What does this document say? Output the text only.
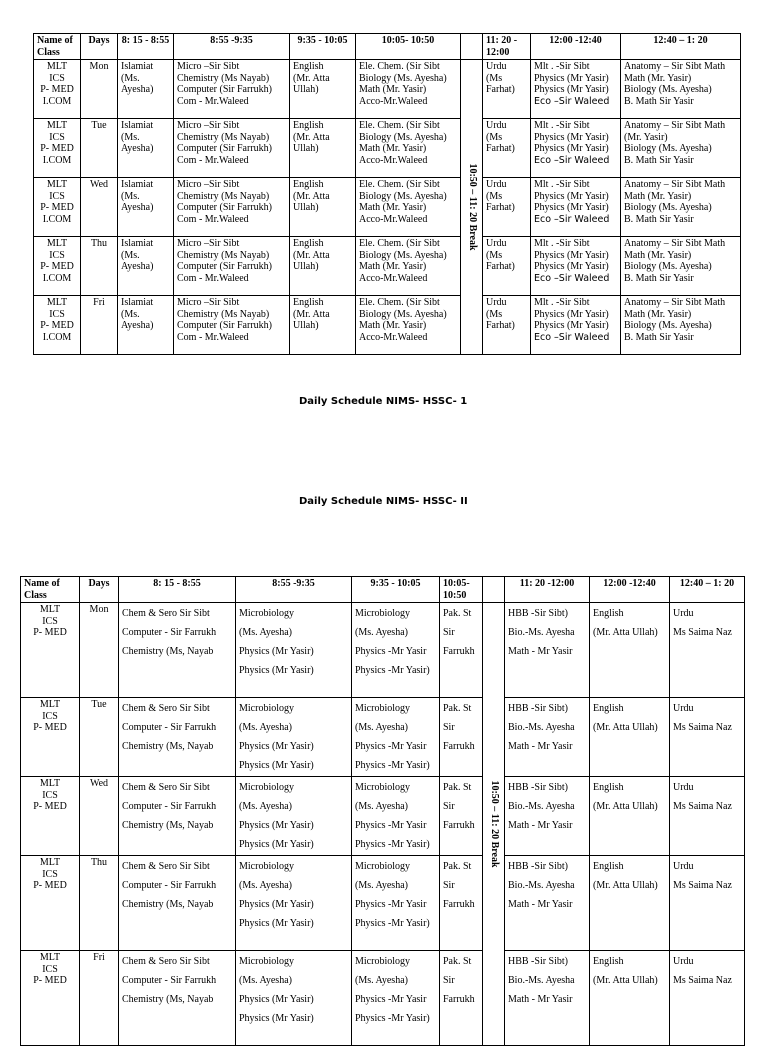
Name of Class	Days	8: 15 - 8:55	8:55 -9:35	9:35 - 10:05	10:05- 10:50		11: 20 - 12:00	12:00 -12:40	12:40 – 1: 20

MLT
ICS
P- MED
I.COM	Mon	Islamiat
(Ms.
Ayesha)	Micro –Sir Sibt
Chemistry (Ms Nayab)
Computer (Sir Farrukh)
Com - Mr.Waleed	English
(Mr. Atta
Ullah)	Ele. Chem. (Sir Sibt
Biology (Ms. Ayesha)
Math (Mr. Yasir)
Acco-Mr.Waleed	10:50 – 11: 20 Break	Urdu
(Ms
Farhat)	Mlt . -Sir Sibt
Physics (Mr Yasir)
Physics (Mr Yasir)
Eco –Sir Waleed	Anatomy – Sir Sibt Math
Math (Mr. Yasir)
Biology (Ms. Ayesha)
B. Math Sir Yasir

MLT
ICS
P- MED
I.COM	Tue	Islamiat
(Ms.
Ayesha)	Micro –Sir Sibt
Chemistry (Ms Nayab)
Computer (Sir Farrukh)
Com - Mr.Waleed	English
(Mr. Atta
Ullah)	Ele. Chem. (Sir Sibt
Biology (Ms. Ayesha)
Math (Mr. Yasir)
Acco-Mr.Waleed		Urdu
(Ms
Farhat)	Mlt . -Sir Sibt
Physics (Mr Yasir)
Physics (Mr Yasir)
Eco –Sir Waleed	Anatomy – Sir Sibt Math
(Mr. Yasir)
Biology (Ms. Ayesha)
B. Math Sir Yasir

MLT
ICS
P- MED
I.COM	Wed	Islamiat
(Ms.
Ayesha)	Micro –Sir Sibt
Chemistry (Ms Nayab)
Computer (Sir Farrukh)
Com - Mr.Waleed	English
(Mr. Atta
Ullah)	Ele. Chem. (Sir Sibt
Biology (Ms. Ayesha)
Math (Mr. Yasir)
Acco-Mr.Waleed		Urdu
(Ms
Farhat)	Mlt . -Sir Sibt
Physics (Mr Yasir)
Physics (Mr Yasir)
Eco –Sir Waleed	Anatomy – Sir Sibt Math
Math (Mr. Yasir)
Biology (Ms. Ayesha)
B. Math Sir Yasir

MLT
ICS
P- MED
I.COM	Thu	Islamiat
(Ms.
Ayesha)	Micro –Sir Sibt
Chemistry (Ms Nayab)
Computer (Sir Farrukh)
Com - Mr.Waleed	English
(Mr. Atta
Ullah)	Ele. Chem. (Sir Sibt
Biology (Ms. Ayesha)
Math (Mr. Yasir)
Acco-Mr.Waleed		Urdu
(Ms
Farhat)	Mlt . -Sir Sibt
Physics (Mr Yasir)
Physics (Mr Yasir)
Eco –Sir Waleed	Anatomy – Sir Sibt Math
Math (Mr. Yasir)
Biology (Ms. Ayesha)
B. Math Sir Yasir

MLT
ICS
P- MED
I.COM	Fri	Islamiat
(Ms.
Ayesha)	Micro –Sir Sibt
Chemistry (Ms Nayab)
Computer (Sir Farrukh)
Com - Mr.Waleed	English
(Mr. Atta
Ullah)	Ele. Chem. (Sir Sibt
Biology (Ms. Ayesha)
Math (Mr. Yasir)
Acco-Mr.Waleed		Urdu
(Ms
Farhat)	Mlt . -Sir Sibt
Physics (Mr Yasir)
Physics (Mr Yasir)
Eco –Sir Waleed	Anatomy – Sir Sibt Math
Math (Mr. Yasir)
Biology (Ms. Ayesha)
B. Math Sir Yasir
Daily Schedule NIMS- HSSC- 1
Daily Schedule NIMS- HSSC- II
Name of Class	Days	8: 15 - 8:55	8:55 -9:35	9:35 - 10:05	10:05- 10:50		11: 20 -12:00	12:00 -12:40	12:40 – 1: 20

MLT
ICS
P- MED	Mon	Chem & Sero Sir Sibt
Computer - Sir Farrukh
Chemistry (Ms, Nayab	Microbiology
(Ms. Ayesha)
Physics (Mr Yasir)
Physics (Mr Yasir)	Microbiology
(Ms. Ayesha)
Physics -Mr Yasir
Physics -Mr Yasir)	Pak. St
Sir
Farrukh	10:50 – 11: 20 Break	HBB -Sir Sibt)
Bio.-Ms. Ayesha
Math - Mr Yasir	English
(Mr. Atta Ullah)	Urdu
Ms Saima Naz

MLT
ICS
P- MED	Tue	Chem & Sero Sir Sibt
Computer - Sir Farrukh
Chemistry (Ms, Nayab	Microbiology
(Ms. Ayesha)
Physics (Mr Yasir)
Physics (Mr Yasir)	Microbiology
(Ms. Ayesha)
Physics -Mr Yasir
Physics -Mr Yasir)	Pak. St
Sir
Farrukh		HBB -Sir Sibt)
Bio.-Ms. Ayesha
Math - Mr Yasir	English
(Mr. Atta Ullah)	Urdu
Ms Saima Naz

MLT
ICS
P- MED	Wed	Chem & Sero Sir Sibt
Computer - Sir Farrukh
Chemistry (Ms, Nayab	Microbiology
(Ms. Ayesha)
Physics (Mr Yasir)
Physics (Mr Yasir)	Microbiology
(Ms. Ayesha)
Physics -Mr Yasir
Physics -Mr Yasir)	Pak. St
Sir
Farrukh		HBB -Sir Sibt)
Bio.-Ms. Ayesha
Math - Mr Yasir	English
(Mr. Atta Ullah)	Urdu
Ms Saima Naz

MLT
ICS
P- MED	Thu	Chem & Sero Sir Sibt
Computer - Sir Farrukh
Chemistry (Ms, Nayab	Microbiology
(Ms. Ayesha)
Physics (Mr Yasir)
Physics (Mr Yasir)	Microbiology
(Ms. Ayesha)
Physics -Mr Yasir
Physics -Mr Yasir)	Pak. St
Sir
Farrukh		HBB -Sir Sibt)
Bio.-Ms. Ayesha
Math - Mr Yasir	English
(Mr. Atta Ullah)	Urdu
Ms Saima Naz

MLT
ICS
P- MED	Fri	Chem & Sero Sir Sibt
Computer - Sir Farrukh
Chemistry (Ms, Nayab	Microbiology
(Ms. Ayesha)
Physics (Mr Yasir)
Physics (Mr Yasir)	Microbiology
(Ms. Ayesha)
Physics -Mr Yasir
Physics -Mr Yasir)	Pak. St
Sir
Farrukh		HBB -Sir Sibt)
Bio.-Ms. Ayesha
Math - Mr Yasir	English
(Mr. Atta Ullah)	Urdu
Ms Saima Naz
